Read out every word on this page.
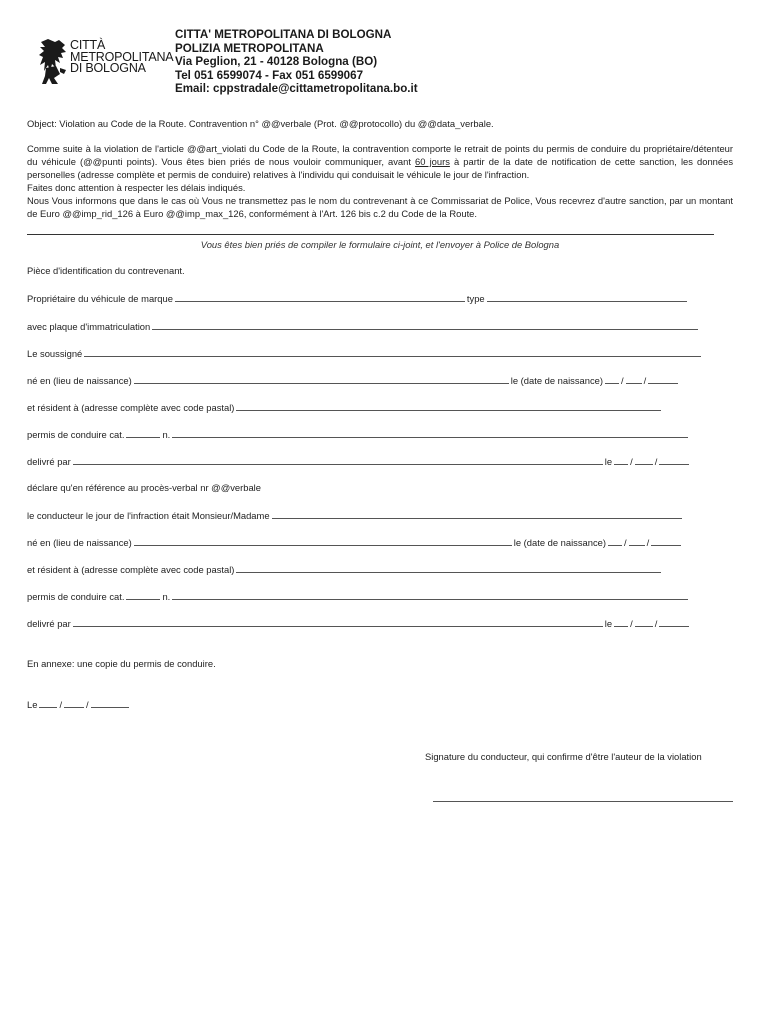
CITTÀ
METROPOLITANA
DI BOLOGNA
CITTA' METROPOLITANA DI BOLOGNA
POLIZIA METROPOLITANA
Via Peglion, 21 - 40128 Bologna (BO)
Tel 051 6599074 - Fax 051 6599067
Email: cppstradale@cittametropolitana.bo.it
Object: Violation au Code de la Route. Contravention n° @@verbale (Prot. @@protocollo) du @@data_verbale.
Comme suite à la violation de l'article @@art_violati du Code de la Route, la contravention comporte le retrait de points du permis de conduire du propriétaire/détenteur du véhicule (@@punti points). Vous êtes bien priés de nous vouloir communiquer, avant 60 jours à partir de la date de notification de cette sanction, les données personelles (adresse complète et permis de conduire) relatives à l'individu qui conduisait le véhicule le jour de l'infraction.
Faites donc attention à respecter les délais indiqués.
Nous Vous informons que dans le cas où Vous ne transmettez pas le nom du contrevenant à ce Commissariat de Police, Vous recevrez d'autre sanction, par un montant de Euro @@imp_rid_126 à Euro @@imp_max_126, conformément à l'Art. 126 bis c.2 du Code de la Route.
Vous êtes bien priés de compiler le formulaire ci-joint, et l'envoyer à Police de Bologna
Pièce d'identification du contrevenant.
Propriétaire du véhicule de marque	type
avec plaque d'immatriculation
Le soussigné
né en (lieu de naissance)	le (date de naissance) / /
et résident à (adresse complète avec code pastal)
permis de conduire cat.	n.
delivré par	le / /
déclare qu'en référence au procès-verbal nr @@verbale
le conducteur le jour de l'infraction était Monsieur/Madame
né en (lieu de naissance)	le (date de naissance) / /
et résident à (adresse complète avec code pastal)
permis de conduire cat.	n.
delivré par	le / /
En annexe: une copie du permis de conduire.
Le /	/
Signature du conducteur, qui confirme d'être l'auteur de la violation
